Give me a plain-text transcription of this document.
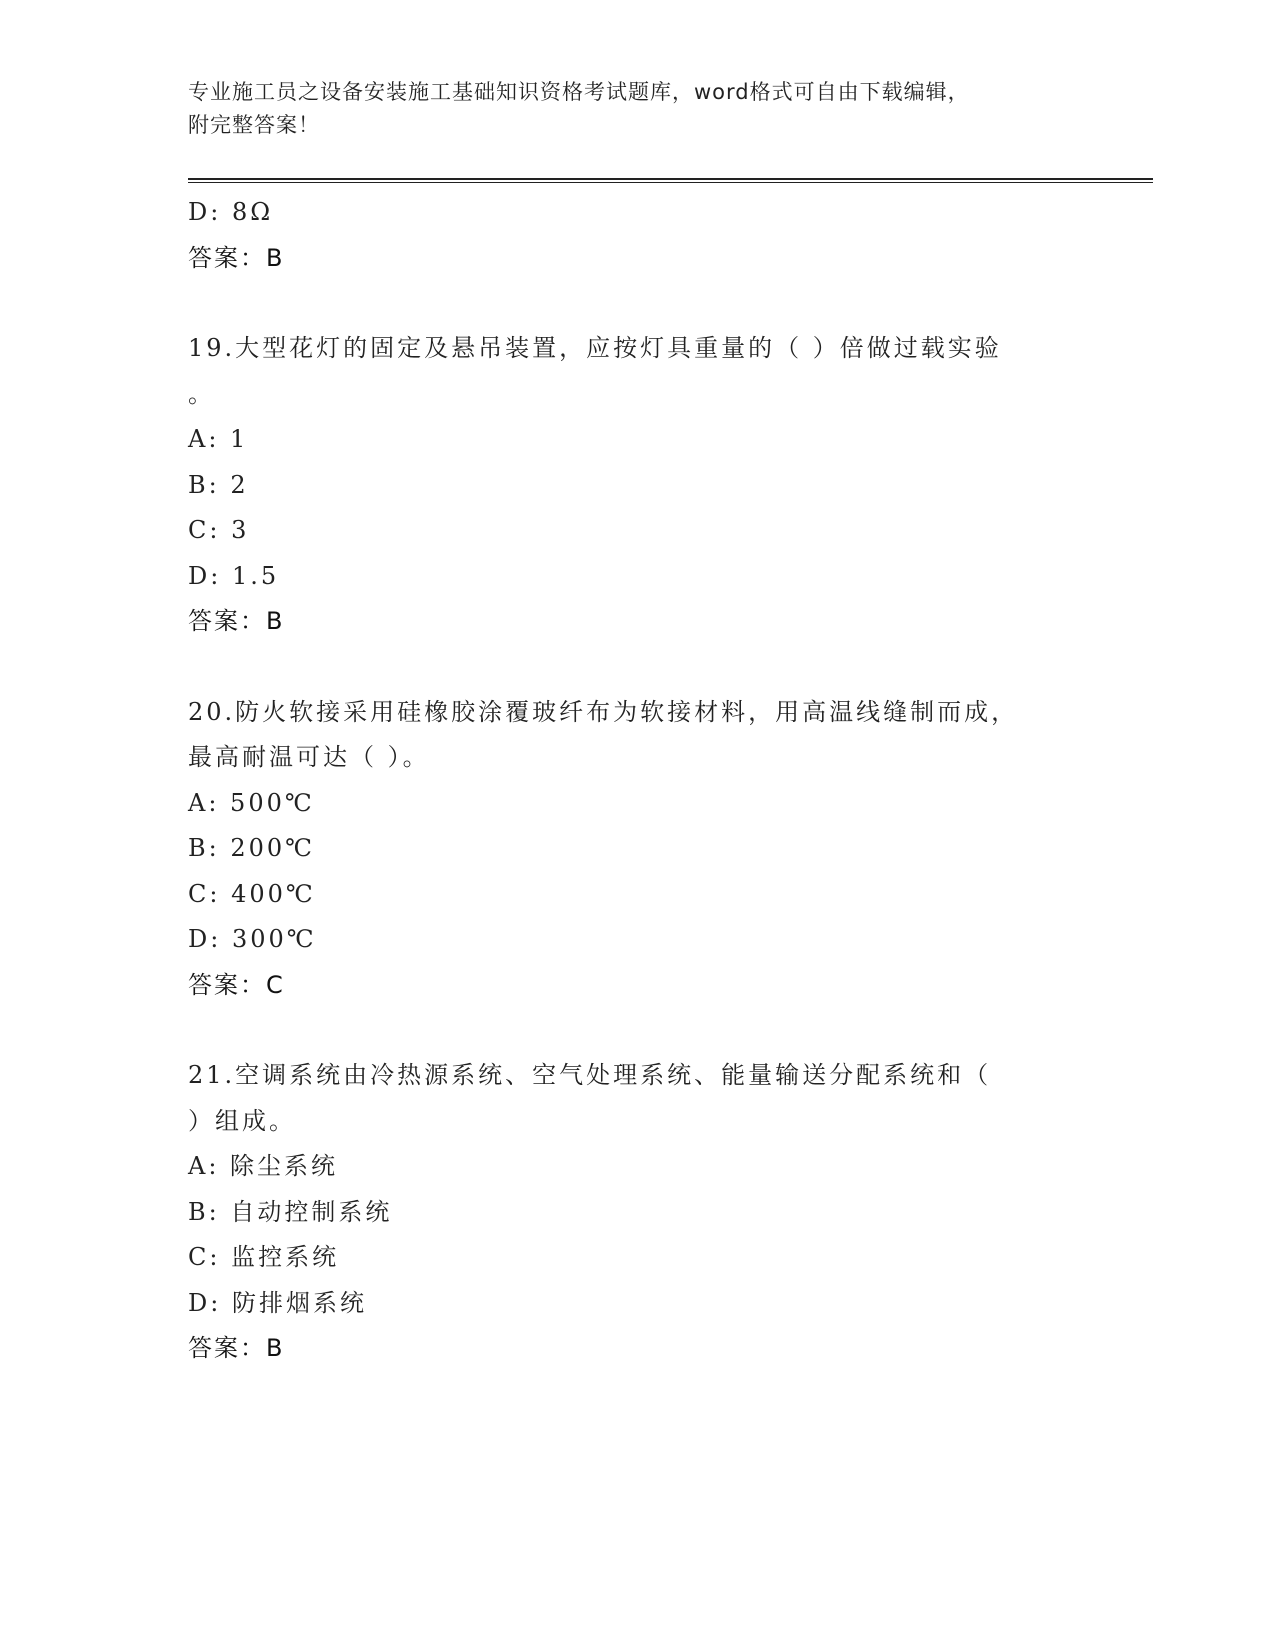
专业施工员之设备安装施工基础知识资格考试题库，word格式可自由下载编辑，
附完整答案！
D: 8Ω
答案：B
19.大型花灯的固定及悬吊装置，应按灯具重量的（ ）倍做过载实验
。
A: 1
B: 2
C: 3
D: 1.5
答案：B
20.防火软接采用硅橡胶涂覆玻纤布为软接材料，用高温线缝制而成，
最高耐温可达（ ）。
A: 500℃
B: 200℃
C: 400℃
D: 300℃
答案：C
21.空调系统由冷热源系统、空气处理系统、能量输送分配系统和（
）组成。
A: 除尘系统
B: 自动控制系统
C: 监控系统
D: 防排烟系统
答案：B
